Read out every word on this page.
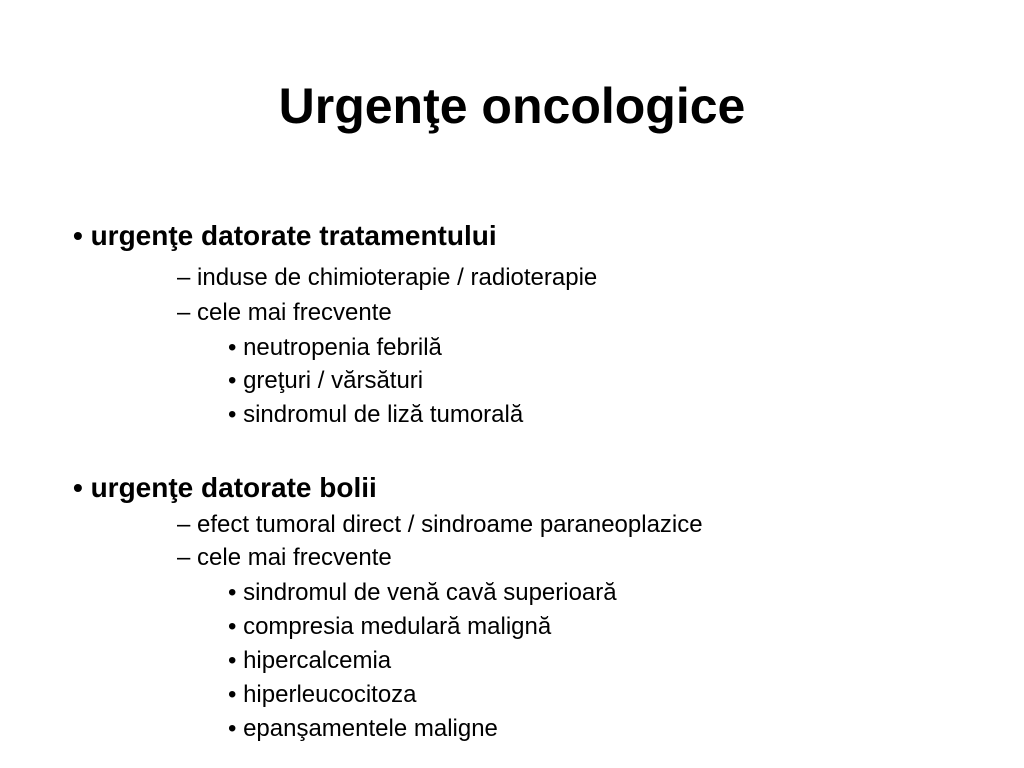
Urgenţe oncologice
• urgenţe datorate tratamentului
– induse de chimioterapie / radioterapie
– cele mai frecvente
• neutropenia febrilă
• greţuri / vărsături
• sindromul de liză tumorală
• urgenţe datorate bolii
– efect tumoral direct / sindroame paraneoplazice
– cele mai frecvente
• sindromul de venă cavă superioară
• compresia medulară malignă
• hipercalcemia
• hiperleucocitoza
• epanşamentele maligne
